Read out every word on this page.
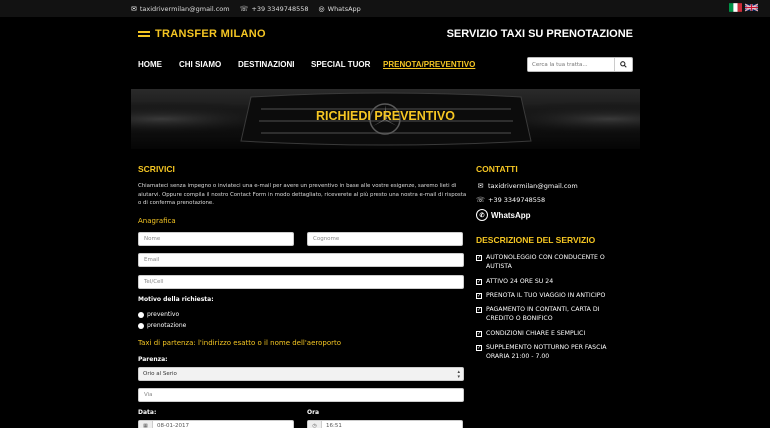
✉ taxidrivermilan@gmail.com ☏ +39 3349748558 ◎ WhatsApp
TRANSFER MILANO	SERVIZIO TAXI SU PRENOTAZIONE
HOME CHI SIAMO DESTINAZIONI SPECIAL TUOR PRENOTA/PREVENTIVO
Cerca la tua tratta...
RICHIEDI PREVENTIVO
SCRIVICI
Chiamateci senza impegno o inviateci una e-mail per avere un preventivo in base alle vostre esigenze, saremo lieti di aiutarvi. Oppure compila il nostro Contact Form in modo dettagliato, riceverete al più presto una nostra e-mail di risposta o di conferma prenotazione.
Anagrafica
Nome	Cognome
Email
Tel/Cell
Motivo della richiesta:
preventivo
prenotazione
Taxi di partenza: l'indirizzo esatto o il nome dell'aeroporto
Parenza:
Orio al Serio	▴
▾
Via
Data:	Ora
▦	08-01-2017	◷	16:51
CONTATTI
✉ taxidrivermilan@gmail.com
☏ +39 3349748558
✆ WhatsApp
DESCRIZIONE DEL SERVIZIO
✓ AUTONOLEGGIO CON CONDUCENTE O AUTISTA
✓ ATTIVO 24 ORE SU 24
✓ PRENOTA IL TUO VIAGGIO IN ANTICIPO
✓ PAGAMENTO IN CONTANTI, CARTA DI CREDITO O BONIFICO
✓ CONDIZIONI CHIARE E SEMPLICI
✓ SUPPLEMENTO NOTTURNO PER FASCIA ORARIA 21:00 - 7.00
